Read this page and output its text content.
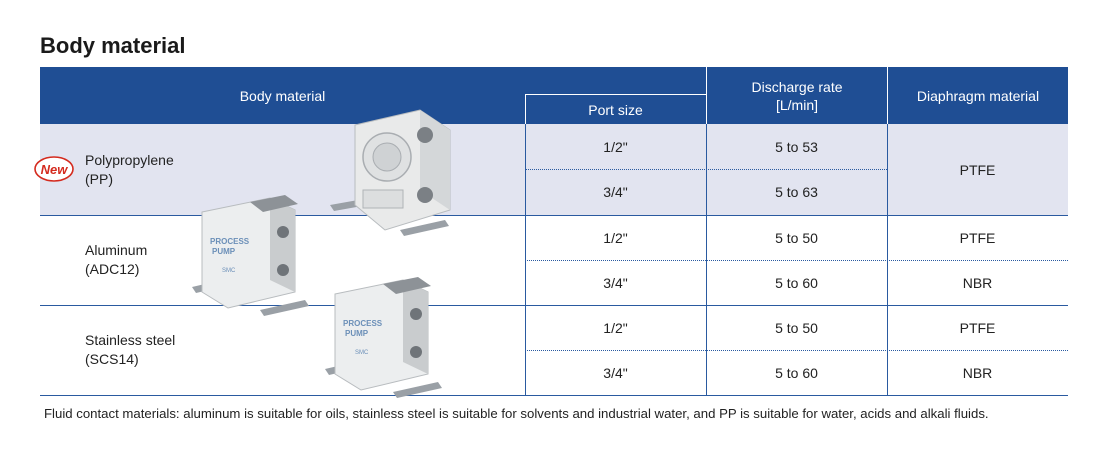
Body material
Body material
Port size
Discharge rate
[L/min]
Diaphragm material
Polypropylene
(PP)
Aluminum
(ADC12)
Stainless steel
(SCS14)
New
1/2"
3/4"
1/2"
3/4"
1/2"
3/4"
5 to 53
5 to 63
5 to 50
5 to 60
5 to 50
5 to 60
PTFE
PTFE
NBR
PTFE
NBR
PROCESS
PUMP
SMC
PROCESS
PUMP
SMC
Fluid contact materials: aluminum is suitable for oils, stainless steel is suitable for solvents and industrial water, and PP is suitable for water, acids and alkali fluids.
